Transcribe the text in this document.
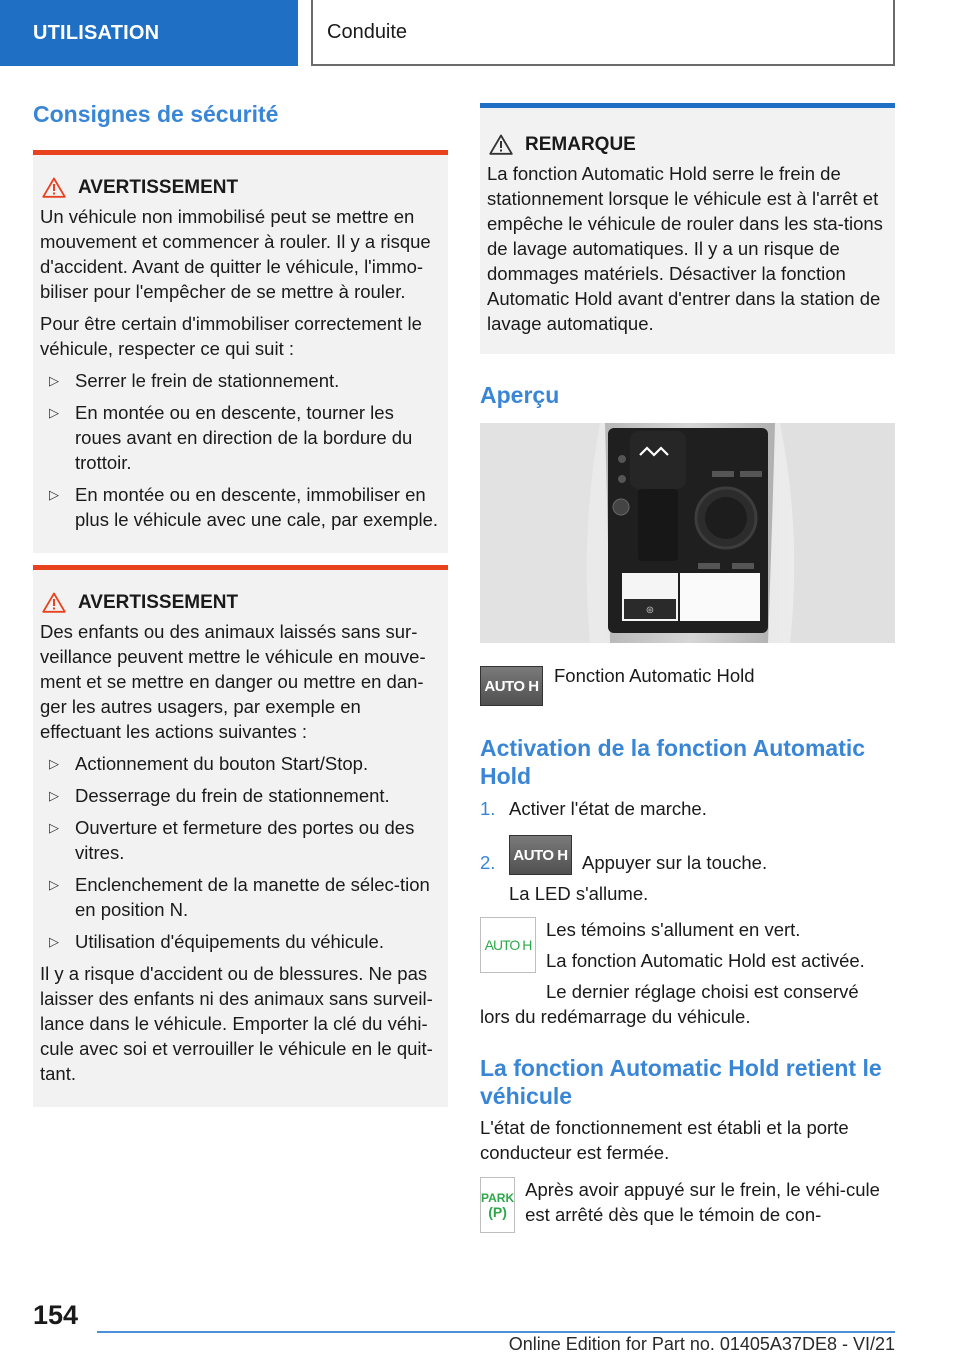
UTILISATION	Conduite
Consignes de sécurité
AVERTISSEMENT

Un véhicule non immobilisé peut se mettre en mouvement et commencer à rouler. Il y a risque d'accident. Avant de quitter le véhicule, l'immo-biliser pour l'empêcher de se mettre à rouler.

Pour être certain d'immobiliser correctement le véhicule, respecter ce qui suit :

▷ Serrer le frein de stationnement.
▷ En montée ou en descente, tourner les roues avant en direction de la bordure du trottoir.
▷ En montée ou en descente, immobiliser en plus le véhicule avec une cale, par exemple.
AVERTISSEMENT

Des enfants ou des animaux laissés sans sur-veillance peuvent mettre le véhicule en mouve-ment et se mettre en danger ou mettre en dan-ger les autres usagers, par exemple en effectuant les actions suivantes :

▷ Actionnement du bouton Start/Stop.
▷ Desserrage du frein de stationnement.
▷ Ouverture et fermeture des portes ou des vitres.
▷ Enclenchement de la manette de sélec-tion en position N.
▷ Utilisation d'équipements du véhicule.

Il y a risque d'accident ou de blessures. Ne pas laisser des enfants ni des animaux sans surveil-lance dans le véhicule. Emporter la clé du véhi-cule avec soi et verrouiller le véhicule en le quit-tant.

REMARQUE

La fonction Automatic Hold serre le frein de stationnement lorsque le véhicule est à l'arrêt et empêche le véhicule de rouler dans les sta-tions de lavage automatiques. Il y a un risque de dommages matériels. Désactiver la fonction Automatic Hold avant d'entrer dans la station de lavage automatique.

Aperçu
⊛
AUTO H Fonction Automatic Hold
Activation de la fonction Automatic Hold
1. Activer l'état de marche.
2. AUTO H Appuyer sur la touche.
La LED s'allume.
AUTO H
Les témoins s'allument en vert.
La fonction Automatic Hold est activée.
Le dernier réglage choisi est conservé
lors du redémarrage du véhicule.
La fonction Automatic Hold retient le véhicule
L'état de fonctionnement est établi et la porte conducteur est fermée.
PARK
(P)
Après avoir appuyé sur le frein, le véhi-cule est arrêté dès que le témoin de con-
154
Online Edition for Part no. 01405A37DE8 - VI/21
